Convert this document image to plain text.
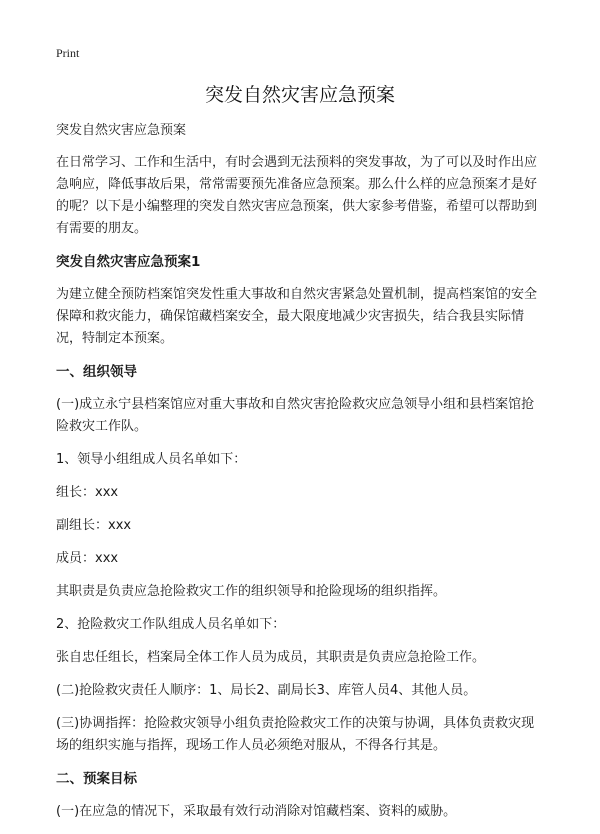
Print
突发自然灾害应急预案

突发自然灾害应急预案

在日常学习、工作和生活中，有时会遇到无法预料的突发事故，为了可以及时作出应急响应，降低事故后果，常常需要预先准备应急预案。那么什么样的应急预案才是好的呢？以下是小编整理的突发自然灾害应急预案，供大家参考借鉴，希望可以帮助到有需要的朋友。

突发自然灾害应急预案1

为建立健全预防档案馆突发性重大事故和自然灾害紧急处置机制，提高档案馆的安全保障和救灾能力，确保馆藏档案安全，最大限度地减少灾害损失，结合我县实际情况，特制定本预案。

一、组织领导

(一)成立永宁县档案馆应对重大事故和自然灾害抢险救灾应急领导小组和县档案馆抢险救灾工作队。

1、领导小组组成人员名单如下：

组长：xxx

副组长：xxx

成员：xxx

其职责是负责应急抢险救灾工作的组织领导和抢险现场的组织指挥。

2、抢险救灾工作队组成人员名单如下：

张自忠任组长，档案局全体工作人员为成员，其职责是负责应急抢险工作。

(二)抢险救灾责任人顺序：1、局长2、副局长3、库管人员4、其他人员。

(三)协调指挥：抢险救灾领导小组负责抢险救灾工作的决策与协调，具体负责救灾现场的组织实施与指挥，现场工作人员必须绝对服从，不得各行其是。

二、预案目标

(一)在应急的情况下，采取最有效行动消除对馆藏档案、资料的威胁。
